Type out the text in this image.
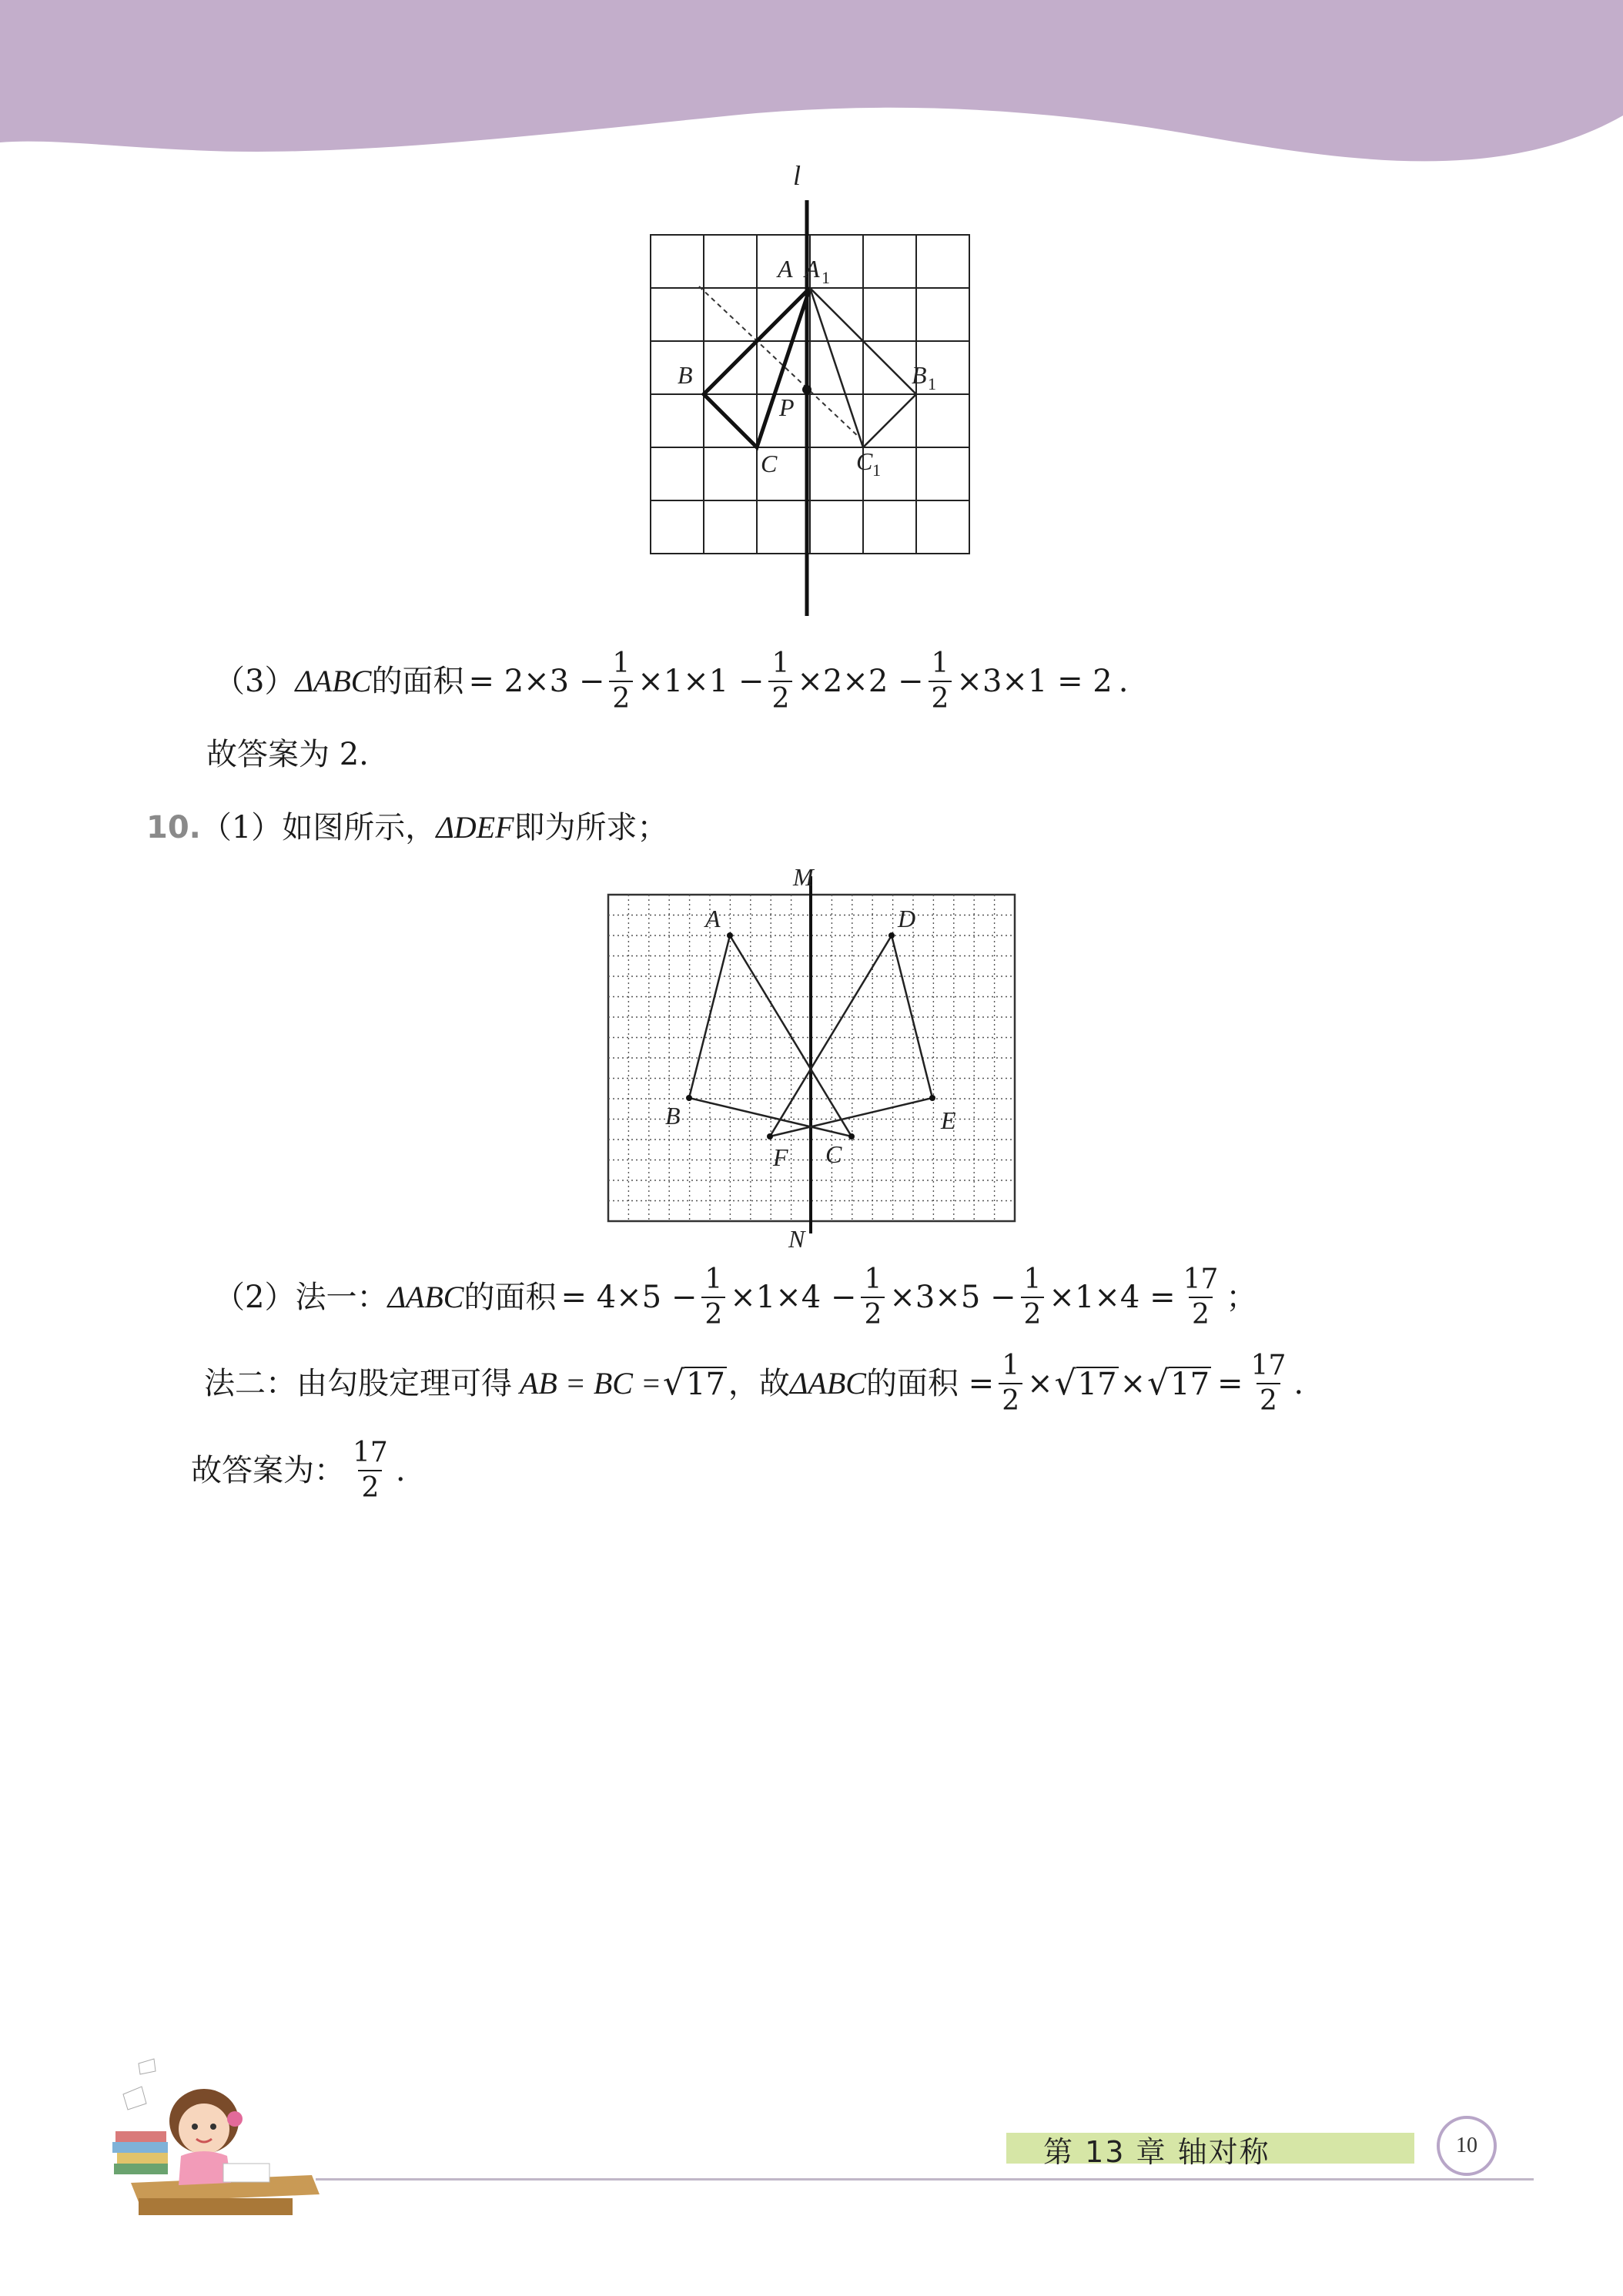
l
A A 1
B	B 1
C	C 1
P
（3） ΔABC 的面积 = $2\times 3 - \frac{1}{2} \times 1\times 1 - \frac{1}{2} \times 2\times 2 - \frac{1}{2} \times 3\times 1 = 2$ .
故答案为 2.
10. （1）如图所示， ΔDEF 即为所求；
M
N
A	D
B	E
F C
（2）法一： ΔABC 的面积 = $4\times 5 - \frac{1}{2} \times 1\times 4 - \frac{1}{2} \times 3\times 5 - \frac{1}{2} \times 1\times 4 = \frac{17}{2}$ ；
法二：由勾股定理可得 AB = BC = √ 17 ，故 ΔABC 的面积 = $\frac{1}{2}$ × √ 17 × √ $17 = \frac{17}{2}$ .
故答案为： $\frac{17}{2}$ .
第 13 章 轴对称	10
